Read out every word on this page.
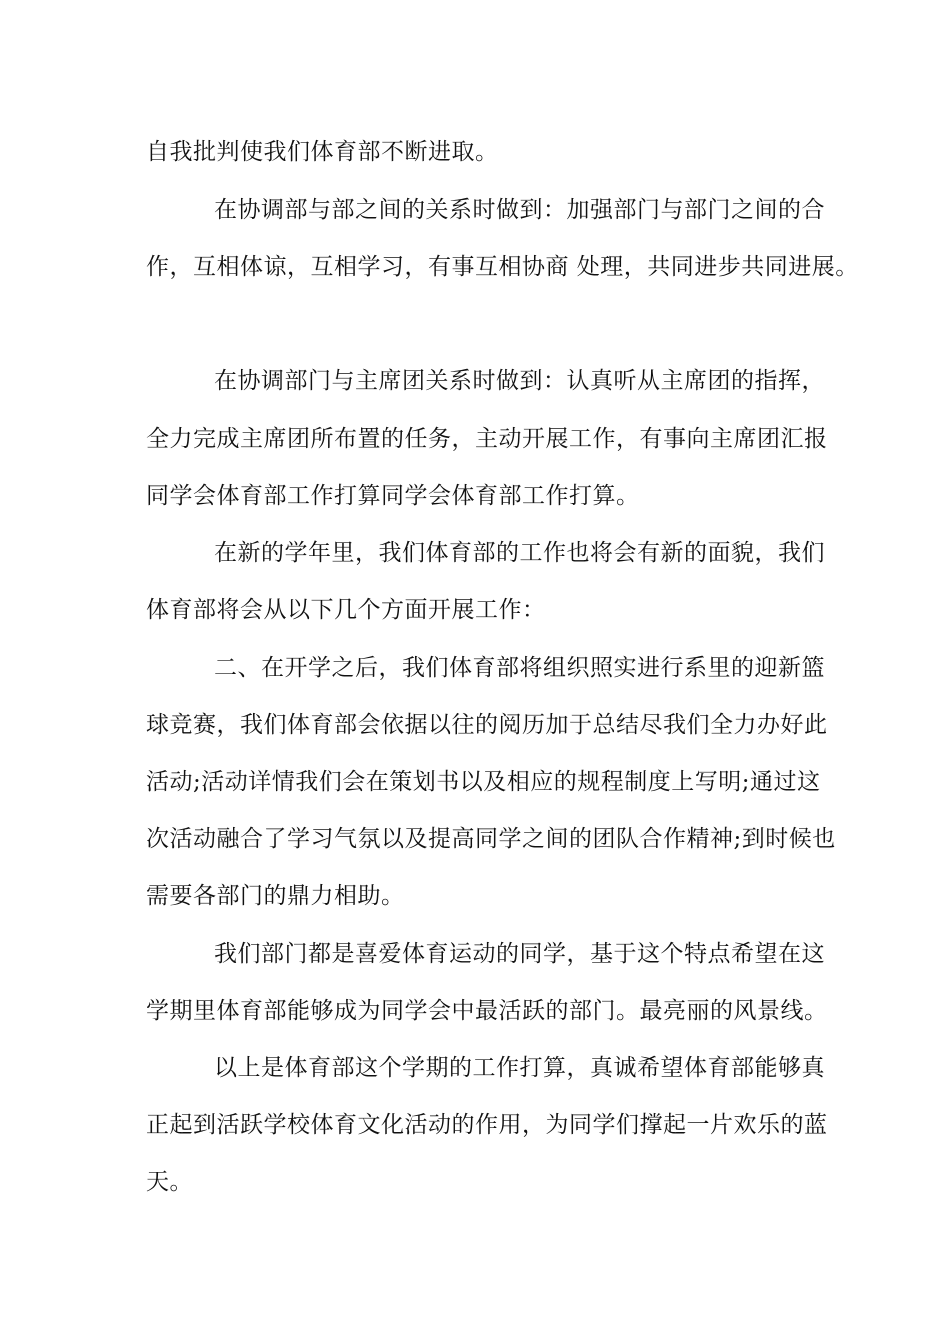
自我批判使我们体育部不断进取。
在协调部与部之间的关系时做到：加强部门与部门之间的合
作，互相体谅，互相学习，有事互相协商 处理，共同进步共同进展。
在协调部门与主席团关系时做到：认真听从主席团的指挥，
全力完成主席团所布置的任务，主动开展工作，有事向主席团汇报
同学会体育部工作打算同学会体育部工作打算。
在新的学年里，我们体育部的工作也将会有新的面貌，我们
体育部将会从以下几个方面开展工作：
二、在开学之后，我们体育部将组织照实进行系里的迎新篮
球竞赛，我们体育部会依据以往的阅历加于总结尽我们全力办好此
活动;活动详情我们会在策划书以及相应的规程制度上写明;通过这
次活动融合了学习气氛以及提高同学之间的团队合作精神;到时候也
需要各部门的鼎力相助。
我们部门都是喜爱体育运动的同学，基于这个特点希望在这
学期里体育部能够成为同学会中最活跃的部门。最亮丽的风景线。
以上是体育部这个学期的工作打算，真诚希望体育部能够真
正起到活跃学校体育文化活动的作用，为同学们撑起一片欢乐的蓝
天。
